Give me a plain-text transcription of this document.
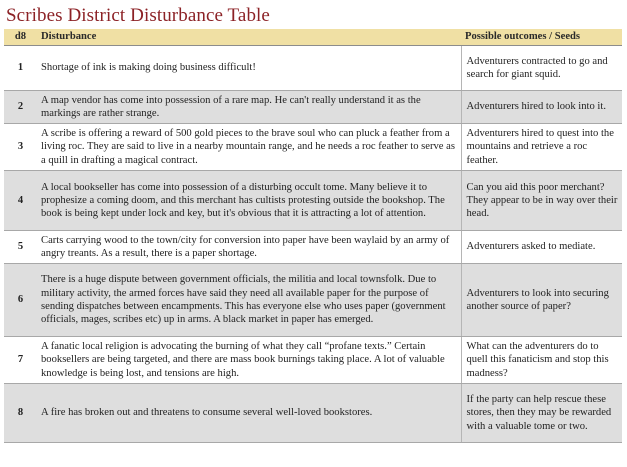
Scribes District Disturbance Table
d8	Disturbance	Possible outcomes / Seeds
1	Shortage of ink is making doing business difficult!	Adventurers contracted to go and search for giant squid.
2	A map vendor has come into possession of a rare map. He can't really understand it as the markings are rather strange.	Adventurers hired to look into it.
3	A scribe is offering a reward of 500 gold pieces to the brave soul who can pluck a feather from a living roc. They are said to live in a nearby mountain range, and he needs a roc feather to serve as a quill in drafting a magical contract.	Adventurers hired to quest into the mountains and retrieve a roc feather.
4	A local bookseller has come into possession of a disturbing occult tome. Many believe it to prophesize a coming doom, and this merchant has cultists protesting outside the bookshop. The book is being kept under lock and key, but it's obvious that it is attracting a lot of attention.	Can you aid this poor merchant? They appear to be in way over their head.
5	Carts carrying wood to the town/city for conversion into paper have been waylaid by an army of angry treants. As a result, there is a paper shortage.	Adventurers asked to mediate.
6	There is a huge dispute between government officials, the militia and local townsfolk. Due to military activity, the armed forces have said they need all available paper for the purpose of sending dispatches between encampments. This has everyone else who uses paper (government officials, mages, scribes etc) up in arms. A black market in paper has emerged.	Adventurers to look into securing another source of paper?
7	A fanatic local religion is advocating the burning of what they call “profane texts.” Certain booksellers are being targeted, and there are mass book burnings taking place. A lot of valuable knowledge is being lost, and tensions are high.	What can the adventurers do to quell this fanaticism and stop this madness?
8	A fire has broken out and threatens to consume several well-loved bookstores.	If the party can help rescue these stores, then they may be rewarded with a valuable tome or two.
